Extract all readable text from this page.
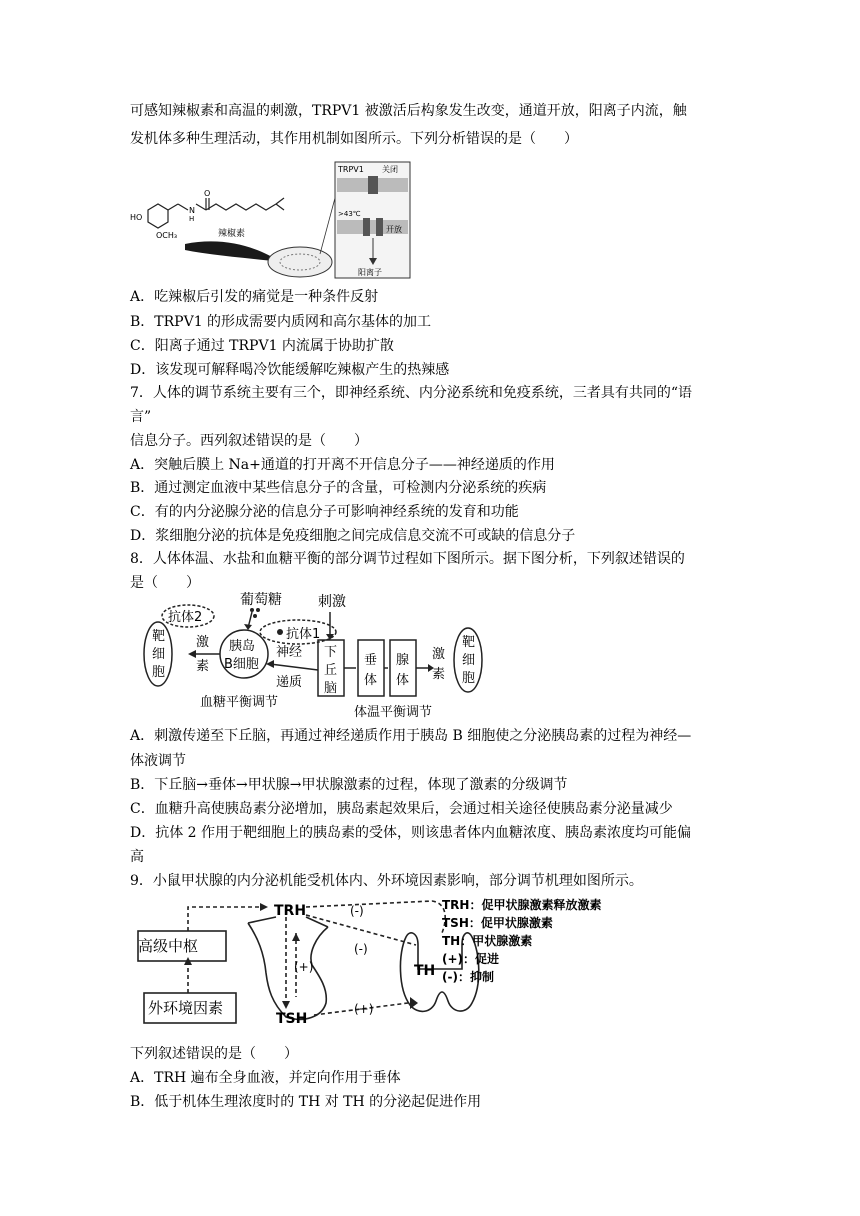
可感知辣椒素和高温的刺激，TRPV1 被激活后构象发生改变，通道开放，阳离子内流，触
发机体多种生理活动，其作用机制如图所示。下列分析错误的是（　　）
HO
OCH₃
N
H
O
辣椒素
TRPV1 关闭
>43℃
开放
阳离子
A．吃辣椒后引发的痛觉是一种条件反射
B．TRPV1 的形成需要内质网和高尔基体的加工
C．阳离子通过 TRPV1 内流属于协助扩散
D．该发现可解释喝冷饮能缓解吃辣椒产生的热辣感
7．人体的调节系统主要有三个，即神经系统、内分泌系统和免疫系统，三者具有共同的“语
言”
信息分子。西列叙述错误的是（　　）
A．突触后膜上 Na+通道的打开离不开信息分子——神经递质的作用
B．通过测定血液中某些信息分子的含量，可检测内分泌系统的疾病
C．有的内分泌腺分泌的信息分子可影响神经系统的发育和功能
D．浆细胞分泌的抗体是免疫细胞之间完成信息交流不可或缺的信息分子
8．人体体温、水盐和血糖平衡的部分调节过程如下图所示。据下图分析，下列叙述错误的
是（　　）
葡萄糖	刺激
抗体2
抗体1
靶
细
胞
激
素
胰岛
B细胞
神经
递质
下
丘
脑
垂
体
腺
体
激
素
靶
细
胞
血糖平衡调节
体温平衡调节
A．刺激传递至下丘脑，再通过神经递质作用于胰岛 B 细胞使之分泌胰岛素的过程为神经—
体液调节
B．下丘脑→垂体→甲状腺→甲状腺激素的过程，体现了激素的分级调节
C．血糖升高使胰岛素分泌增加，胰岛素起效果后，会通过相关途径使胰岛素分泌量减少
D．抗体 2 作用于靶细胞上的胰岛素的受体，则该患者体内血糖浓度、胰岛素浓度均可能偏
高
9．小鼠甲状腺的内分泌机能受机体内、外环境因素影响，部分调节机理如图所示。
高级中枢
外环境因素
TRH
TSH
TH
(-)
(-)
(+)
(+)
TRH：促甲状腺激素释放激素
TSH：促甲状腺激素
TH：甲状腺激素
(+)：促进
(-)：抑制
下列叙述错误的是（　　）
A．TRH 遍布全身血液，并定向作用于垂体
B．低于机体生理浓度时的 TH 对 TH 的分泌起促进作用
